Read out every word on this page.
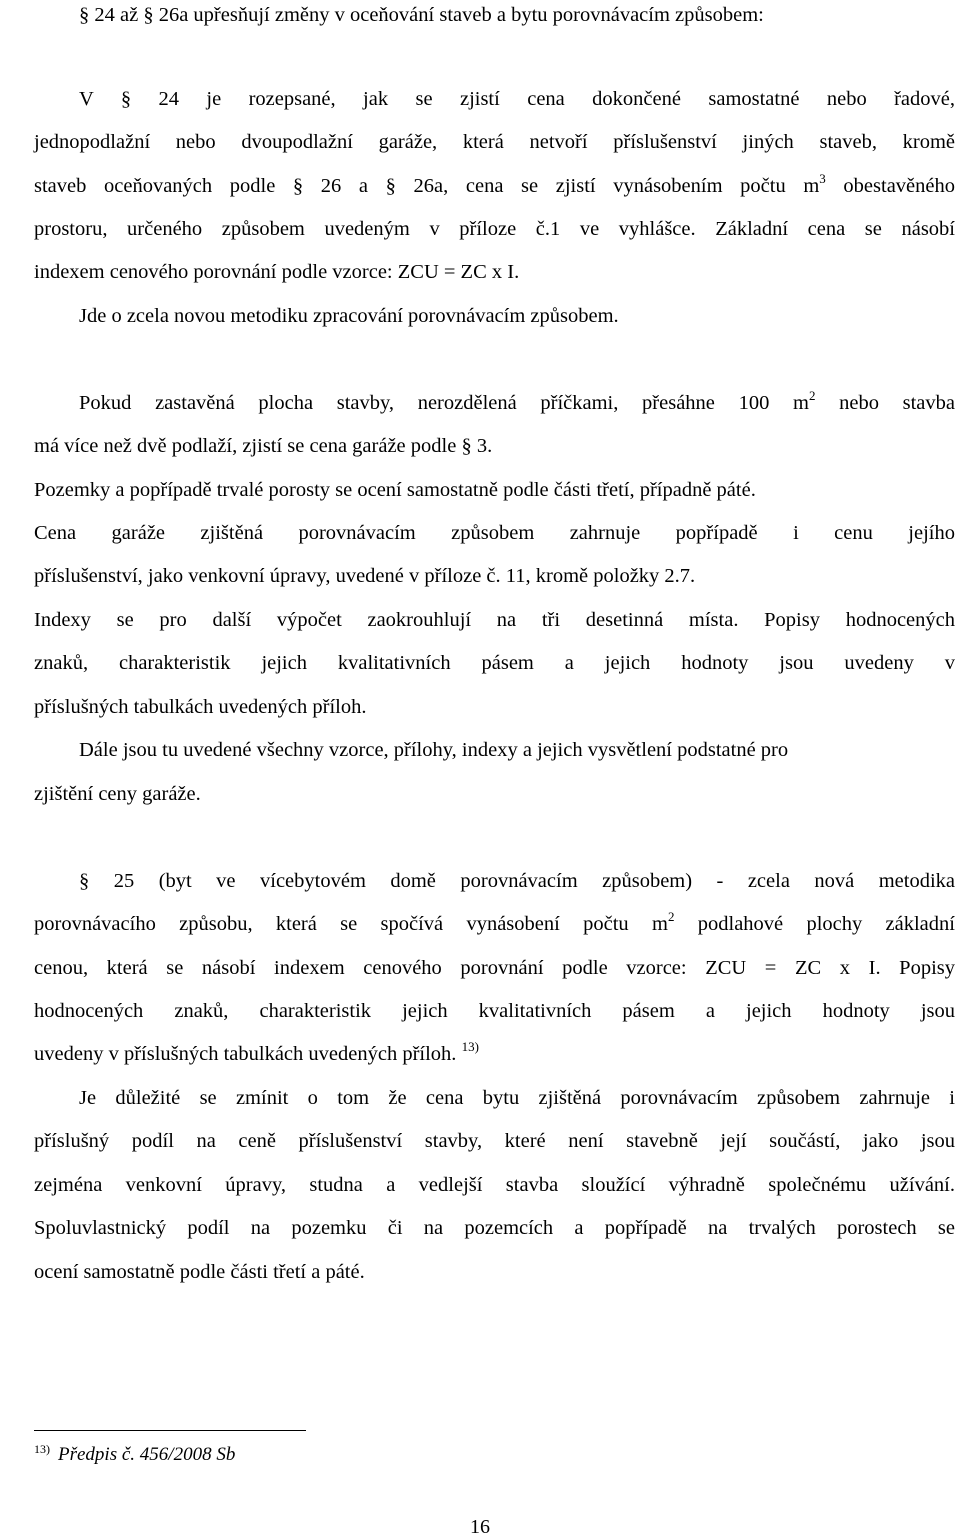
§ 24 až § 26a upřesňují změny v oceňování staveb a bytu porovnávacím způsobem:
V § 24 je rozepsané, jak se zjistí cena dokončené samostatné nebo řadové,
jednopodlažní nebo dvoupodlažní garáže, která netvoří příslušenství jiných staveb, kromě
staveb oceňovaných podle § 26 a § 26a, cena se zjistí vynásobením počtu $m^3$ obestavěného
prostoru, určeného způsobem uvedeným v příloze č.1 ve vyhlášce. Základní cena se násobí
indexem cenového porovnání podle vzorce: ZCU = ZC x I.
Jde o zcela novou metodiku zpracování porovnávacím způsobem.
Pokud zastavěná plocha stavby, nerozdělená příčkami, přesáhne 100 $m^2$ nebo stavba
má více než dvě podlaží, zjistí se cena garáže podle § 3.
Pozemky a popřípadě trvalé porosty se ocení samostatně podle části třetí, případně páté.
Cena garáže zjištěná porovnávacím způsobem zahrnuje popřípadě i cenu jejího
příslušenství, jako venkovní úpravy, uvedené v příloze č. 11, kromě položky 2.7.
Indexy se pro další výpočet zaokrouhlují na tři desetinná místa. Popisy hodnocených
znaků, charakteristik jejich kvalitativních pásem a jejich hodnoty jsou uvedeny v
příslušných tabulkách uvedených příloh.
Dále jsou tu uvedené všechny vzorce, přílohy, indexy a jejich vysvětlení podstatné pro
zjištění ceny garáže.
§ 25 (byt ve vícebytovém domě porovnávacím způsobem) - zcela nová metodika
porovnávacího způsobu, která se spočívá vynásobení počtu $m^2$ podlahové plochy základní
cenou, která se násobí indexem cenového porovnání podle vzorce: ZCU = ZC x I. Popisy
hodnocených znaků, charakteristik jejich kvalitativních pásem a jejich hodnoty jsou
uvedeny v příslušných tabulkách uvedených příloh. $^{13)}$
Je důležité se zmínit o tom že cena bytu zjištěná porovnávacím způsobem zahrnuje i
příslušný podíl na ceně příslušenství stavby, které není stavebně její součástí, jako jsou
zejména venkovní úpravy, studna a vedlejší stavba sloužící výhradně společnému užívání.
Spoluvlastnický podíl na pozemku či na pozemcích a popřípadě na trvalých porostech se
ocení samostatně podle části třetí a páté.
$^{13)}$ Předpis č. 456/2008 Sb
16
